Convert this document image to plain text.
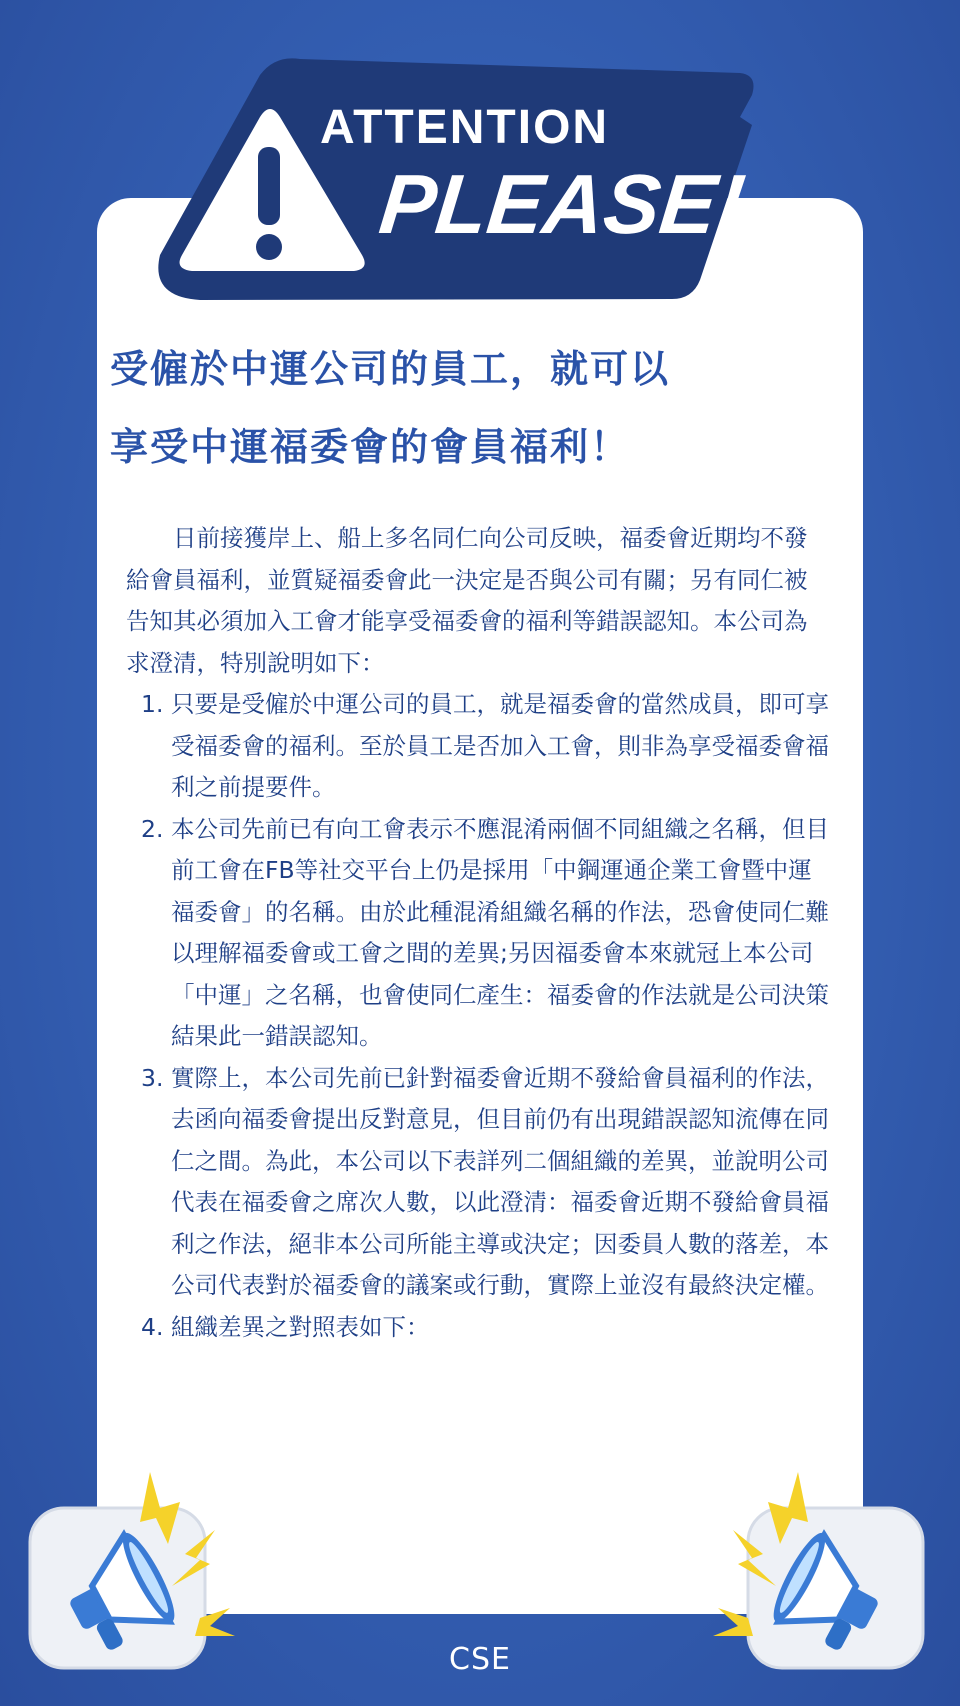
ATTENTION
PLEASE!
受僱於中運公司的員工，就可以
享受中運福委會的會員福利！
日前接獲岸上、船上多名同仁向公司反映，福委會近期均不發給會員福利，並質疑福委會此一決定是否與公司有關；另有同仁被告知其必須加入工會才能享受福委會的福利等錯誤認知。本公司為求澄清，特別說明如下：
1. 只要是受僱於中運公司的員工，就是福委會的當然成員，即可享受福委會的福利。至於員工是否加入工會，則非為享受福委會福利之前提要件。
2. 本公司先前已有向工會表示不應混淆兩個不同組織之名稱，但目前工會在FB等社交平台上仍是採用「中鋼運通企業工會暨中運福委會」的名稱。由於此種混淆組織名稱的作法，恐會使同仁難以理解福委會或工會之間的差異;另因福委會本來就冠上本公司「中運」之名稱，也會使同仁產生：福委會的作法就是公司決策結果此一錯誤認知。
3. 實際上，本公司先前已針對福委會近期不發給會員福利的作法，去函向福委會提出反對意見，但目前仍有出現錯誤認知流傳在同仁之間。為此，本公司以下表詳列二個組織的差異，並說明公司代表在福委會之席次人數，以此澄清：福委會近期不發給會員福利之作法，絕非本公司所能主導或決定；因委員人數的落差，本公司代表對於福委會的議案或行動，實際上並沒有最終決定權。
4. 組織差異之對照表如下：
CSE
